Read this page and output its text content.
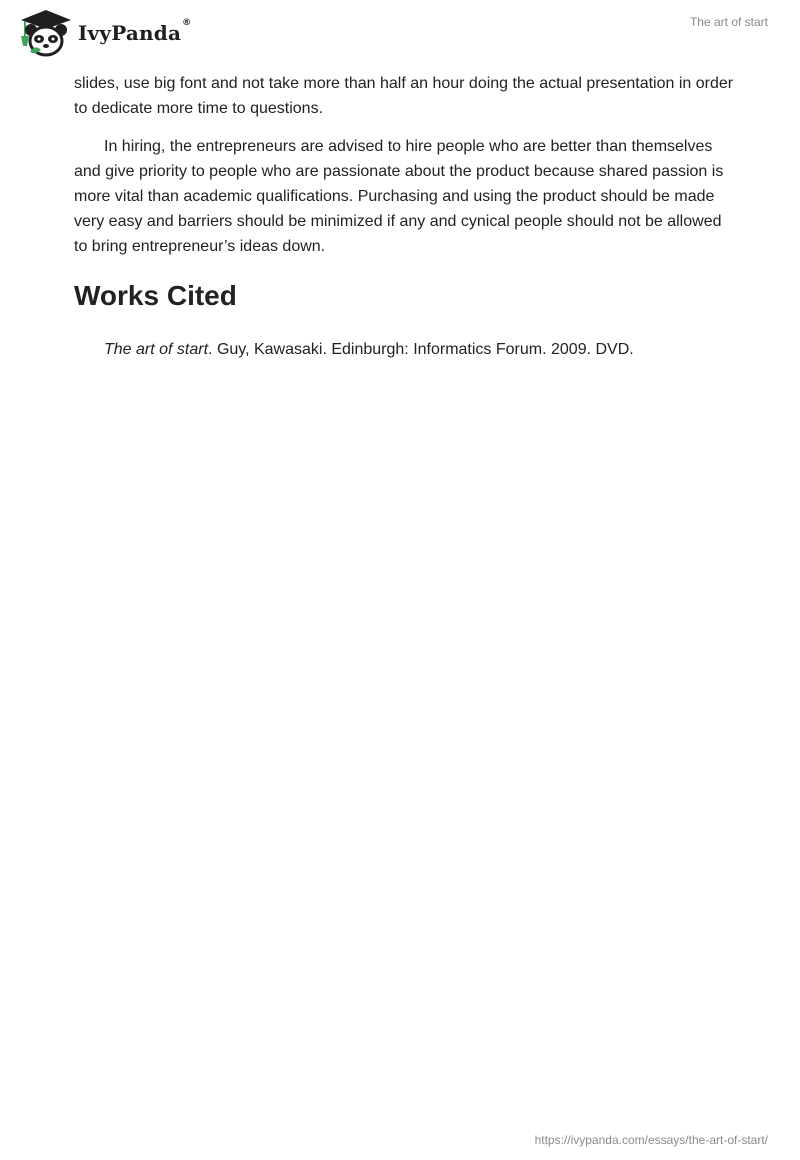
IvyPanda®	The art of start

slides, use big font and not take more than half an hour doing the actual presentation in order to dedicate more time to questions.

In hiring, the entrepreneurs are advised to hire people who are better than themselves and give priority to people who are passionate about the product because shared passion is more vital than academic qualifications. Purchasing and using the product should be made very easy and barriers should be minimized if any and cynical people should not be allowed to bring entrepreneur’s ideas down.

Works Cited

The art of start. Guy, Kawasaki. Edinburgh: Informatics Forum. 2009. DVD.

https://ivypanda.com/essays/the-art-of-start/
